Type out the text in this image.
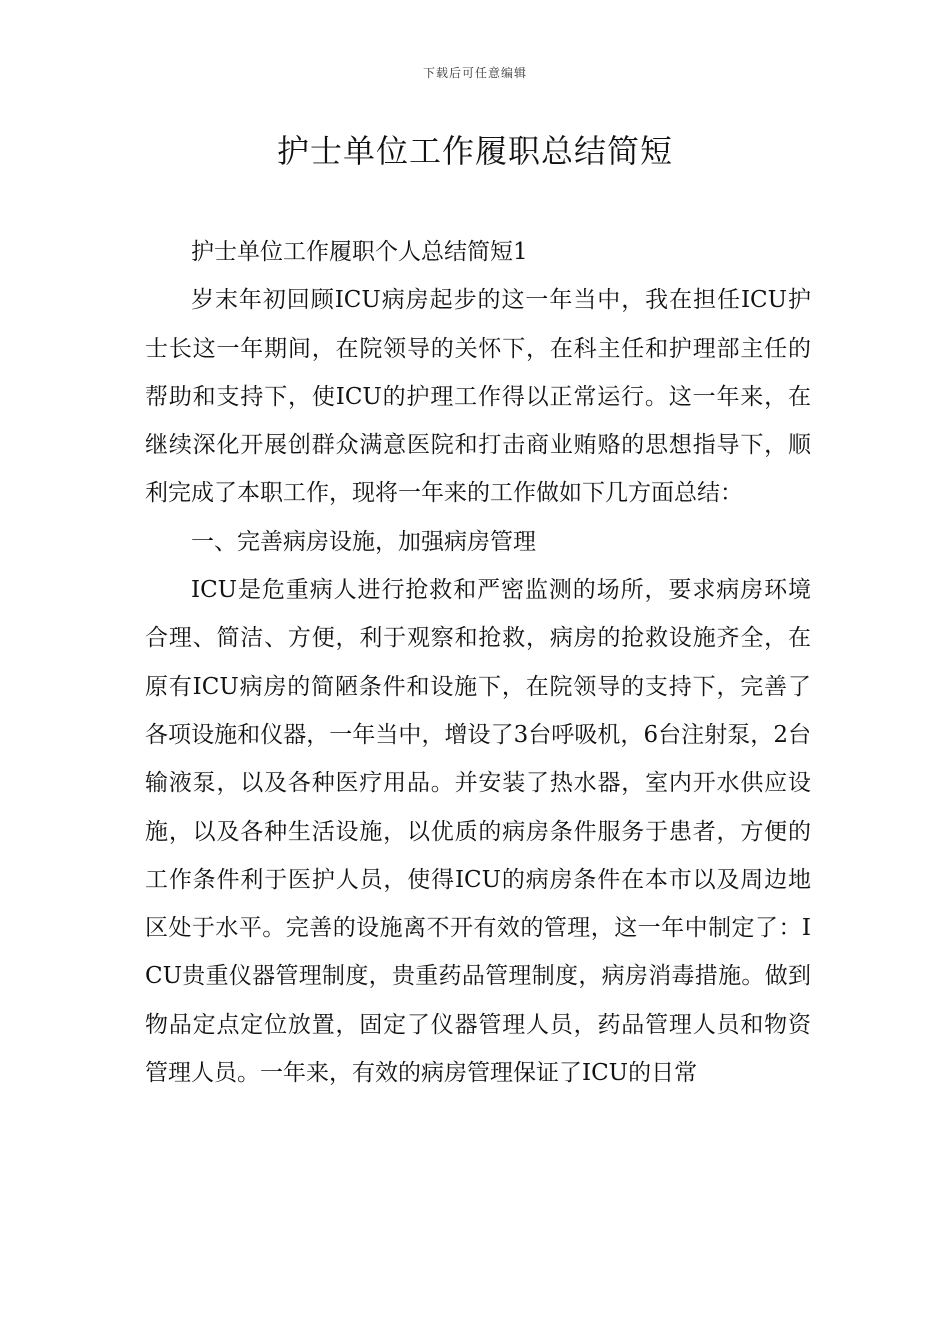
下载后可任意编辑
护士单位工作履职总结简短

护士单位工作履职个人总结简短1

岁末年初回顾ICU病房起步的这一年当中，我在担任ICU护士长这一年期间，在院领导的关怀下，在科主任和护理部主任的帮助和支持下，使ICU的护理工作得以正常运行。这一年来，在继续深化开展创群众满意医院和打击商业贿赂的思想指导下，顺利完成了本职工作，现将一年来的工作做如下几方面总结：

一、完善病房设施，加强病房管理

ICU是危重病人进行抢救和严密监测的场所，要求病房环境合理、简洁、方便，利于观察和抢救，病房的抢救设施齐全，在原有ICU病房的简陋条件和设施下，在院领导的支持下，完善了各项设施和仪器，一年当中，增设了3台呼吸机，6台注射泵，2台输液泵，以及各种医疗用品。并安装了热水器，室内开水供应设施，以及各种生活设施，以优质的病房条件服务于患者，方便的工作条件利于医护人员，使得ICU的病房条件在本市以及周边地区处于水平。完善的设施离不开有效的管理，这一年中制定了：ICU贵重仪器管理制度，贵重药品管理制度，病房消毒措施。做到物品定点定位放置，固定了仪器管理人员，药品管理人员和物资管理人员。一年来，有效的病房管理保证了ICU的日常
